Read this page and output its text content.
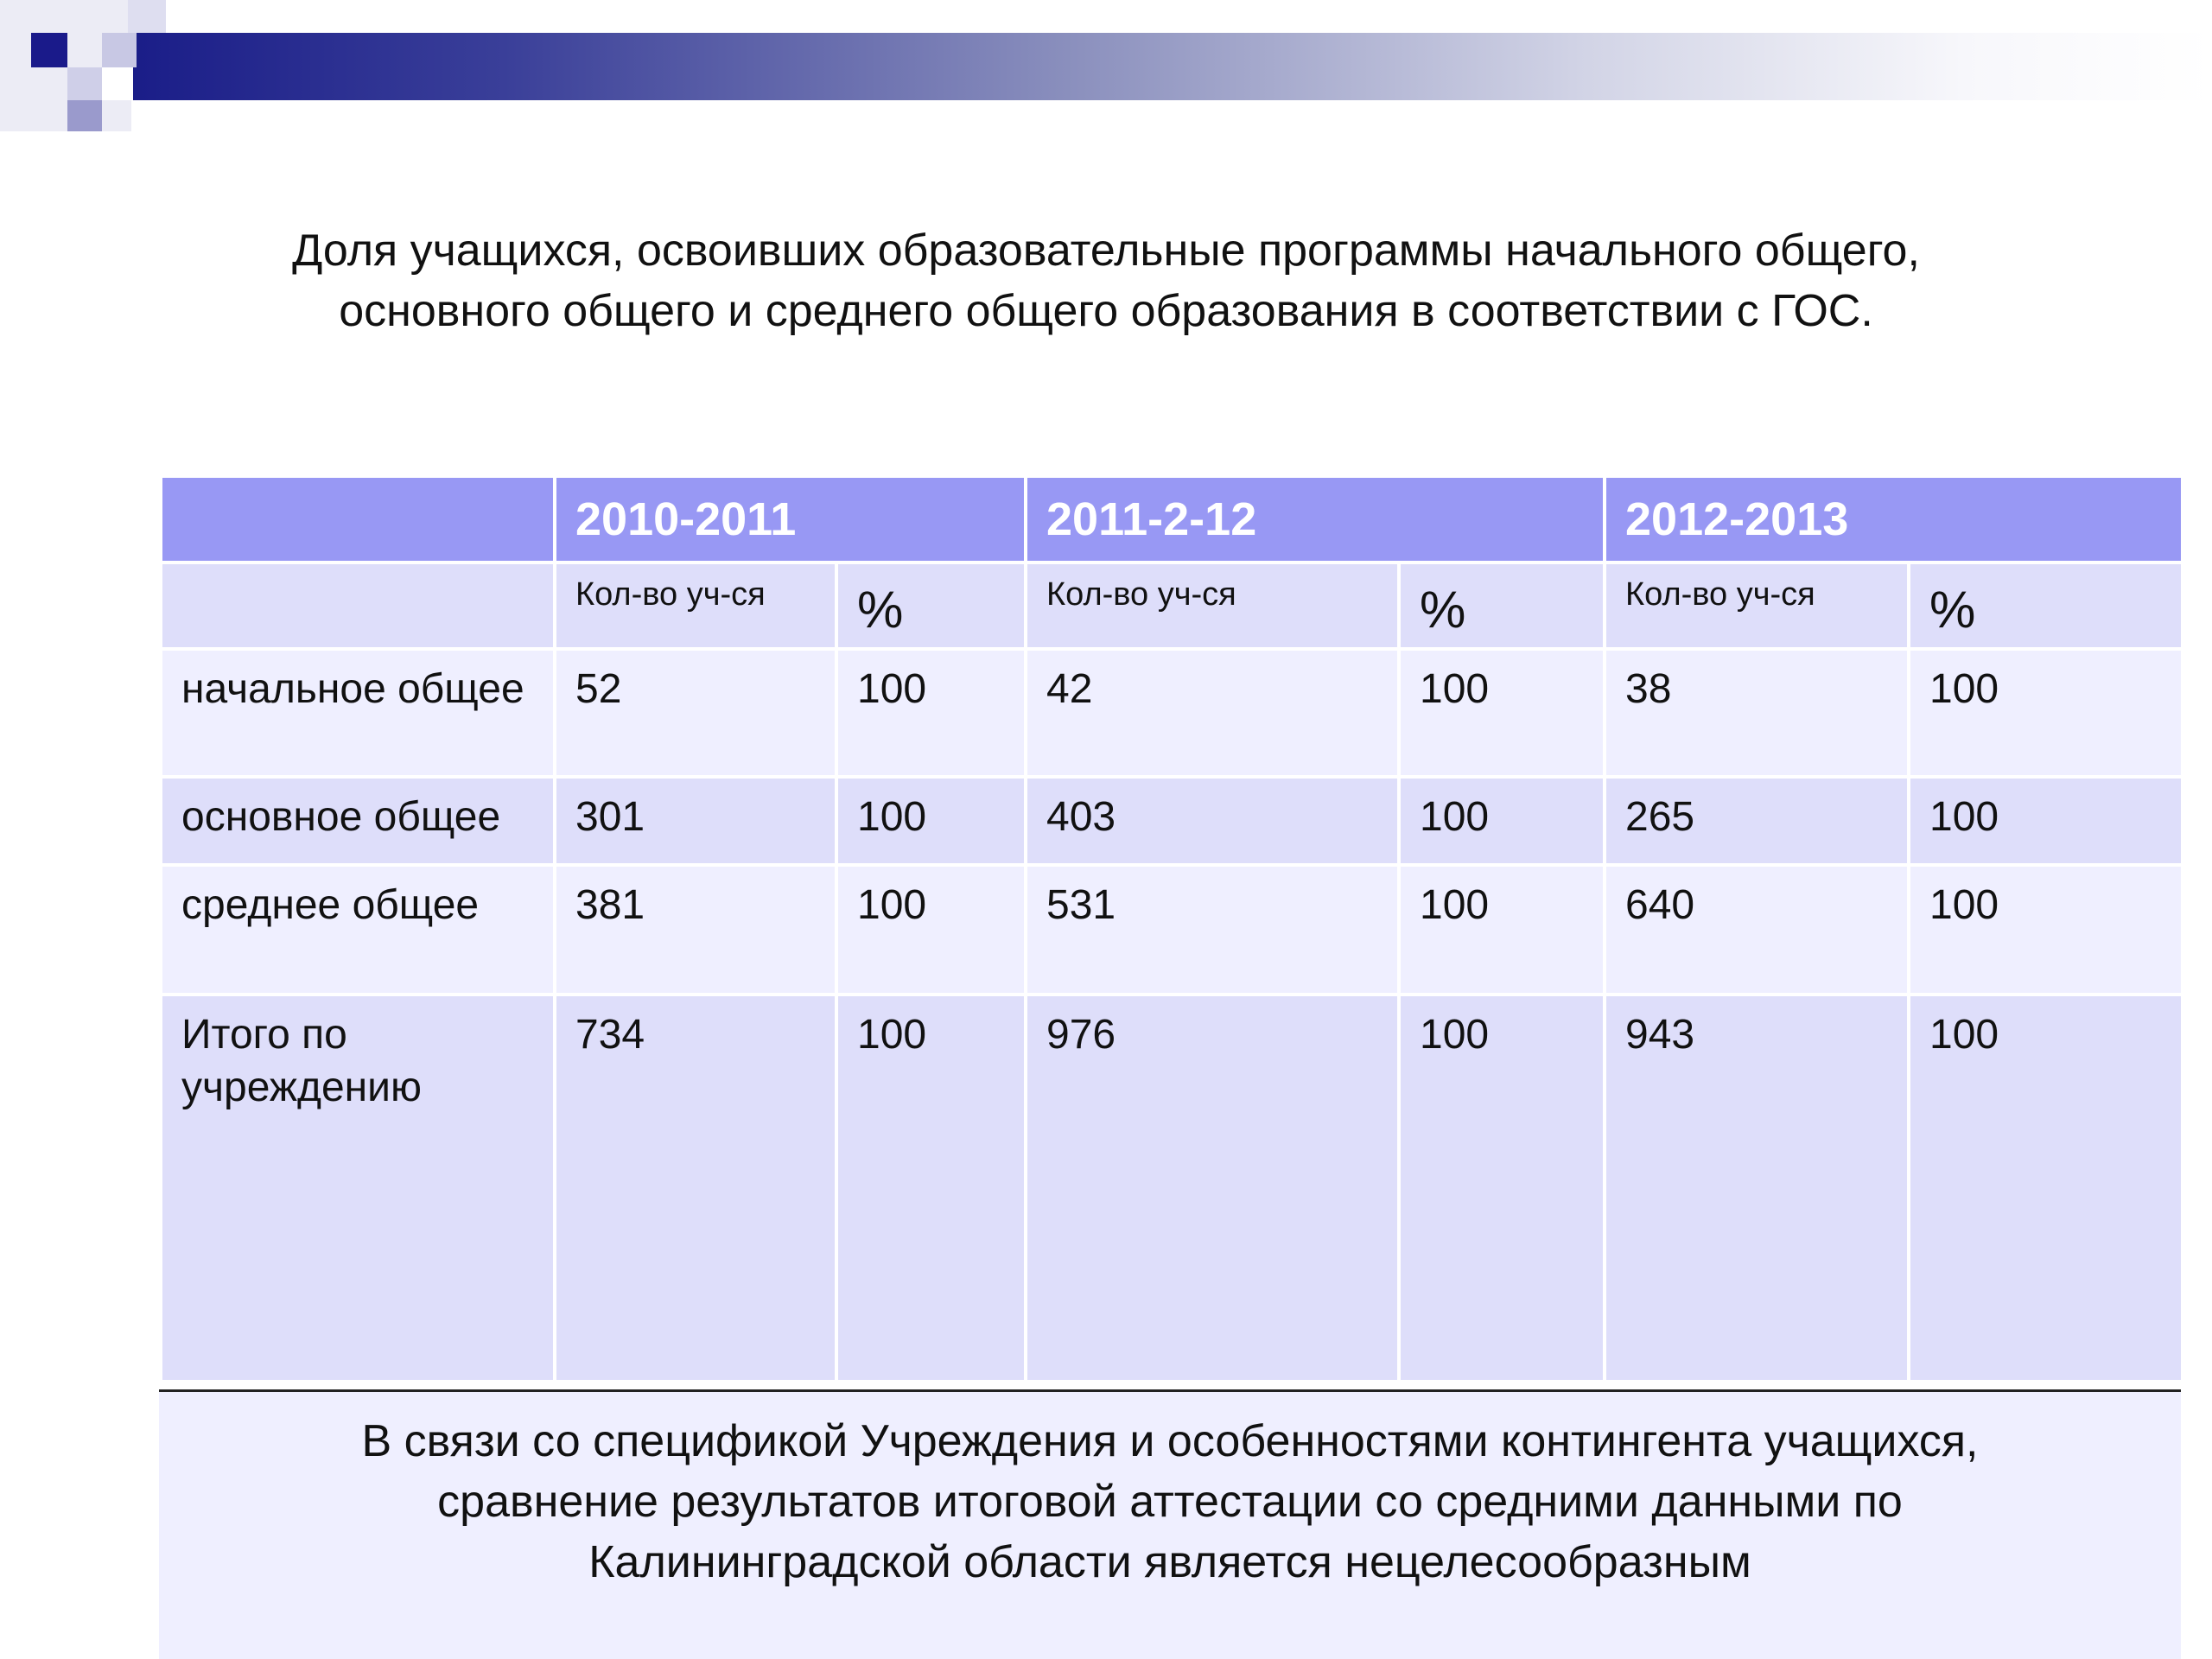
Доля учащихся, освоивших образовательные программы начального общего,
основного общего и среднего общего образования в соответствии с ГОС.
	2010-2011		2011-2-12		2012-2013	
	Кол-во уч-ся	%	Кол-во уч-ся	%	Кол-во уч-ся	%
начальное общее	52	100	42	100	38	100
основное общее	301	100	403	100	265	100
среднее общее	381	100	531	100	640	100
Итого по учреждению	734	100	976	100	943	100

В связи со спецификой Учреждения и особенностями контингента учащихся,
сравнение результатов итоговой аттестации со средними данными по
Калининградской области является нецелесообразным
